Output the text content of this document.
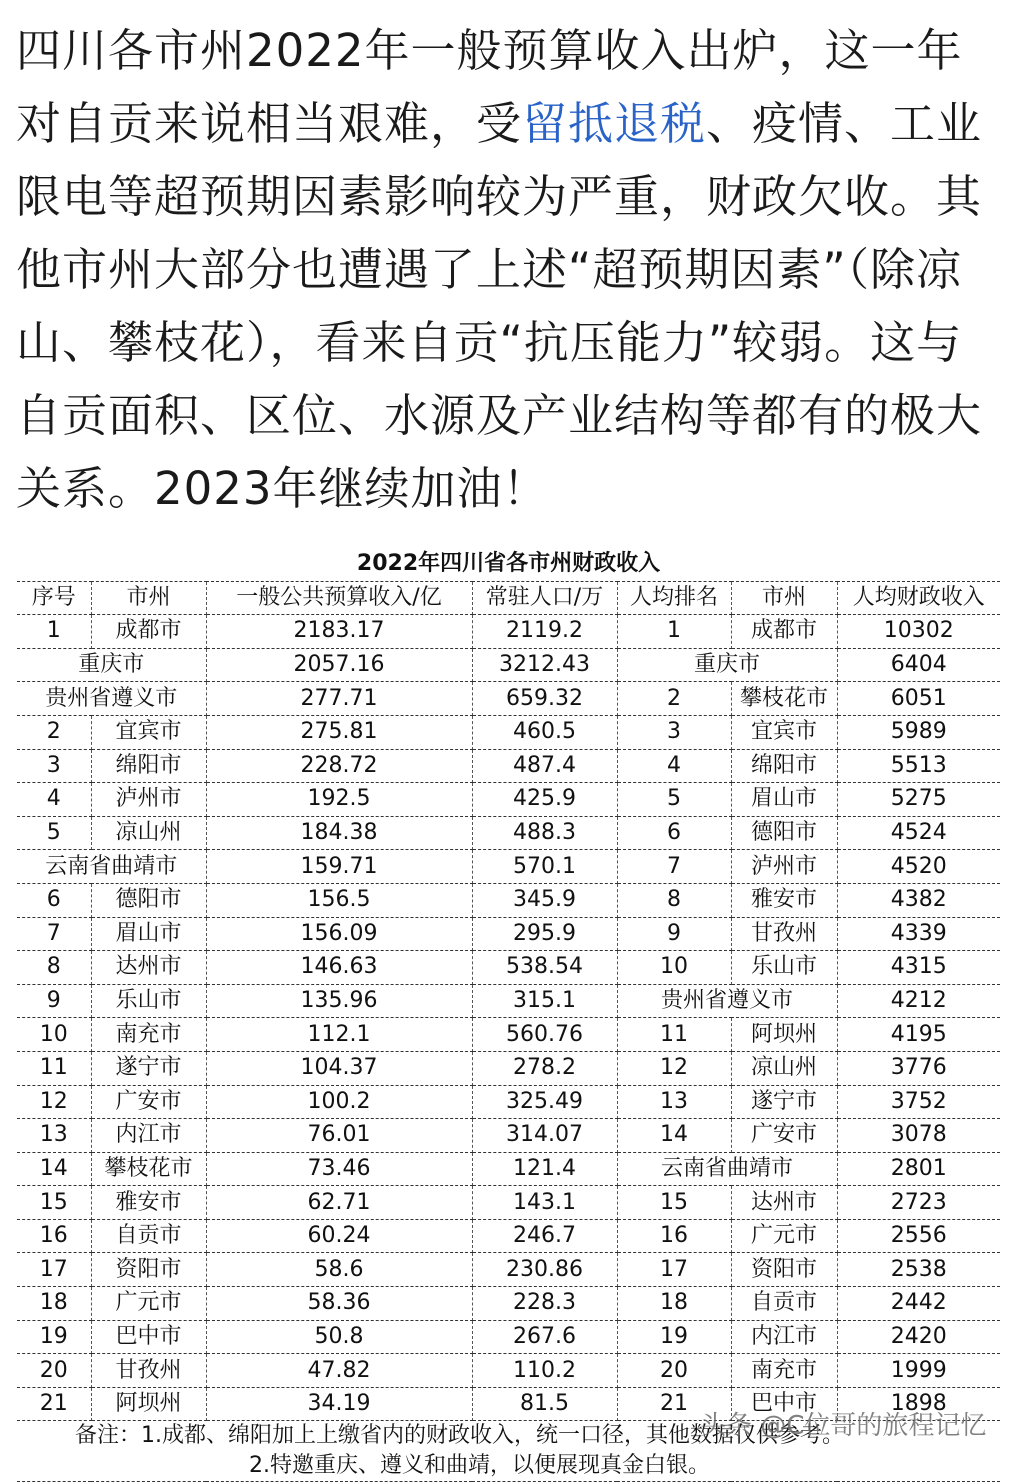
四川各市州2022年一般预算收入出炉，这一年对自贡来说相当艰难，受留抵退税、疫情、工业限电等超预期因素影响较为严重，财政欠收。其他市州大部分也遭遇了上述“超预期因素”（除凉山、攀枝花），看来自贡“抗压能力”较弱。这与自贡面积、区位、水源及产业结构等都有的极大关系。2023年继续加油！
2022年四川省各市州财政收入						
序号	市州	一般公共预算收入/亿	常驻人口/万	人均排名	市州	人均财政收入
1	成都市	2183.17	2119.2	1	成都市	10302
重庆市		2057.16	3212.43	重庆市		6404
贵州省遵义市		277.71	659.32	2	攀枝花市	6051
2	宜宾市	275.81	460.5	3	宜宾市	5989
3	绵阳市	228.72	487.4	4	绵阳市	5513
4	泸州市	192.5	425.9	5	眉山市	5275
5	凉山州	184.38	488.3	6	德阳市	4524
云南省曲靖市		159.71	570.1	7	泸州市	4520
6	德阳市	156.5	345.9	8	雅安市	4382
7	眉山市	156.09	295.9	9	甘孜州	4339
8	达州市	146.63	538.54	10	乐山市	4315
9	乐山市	135.96	315.1	贵州省遵义市		4212
10	南充市	112.1	560.76	11	阿坝州	4195
11	遂宁市	104.37	278.2	12	凉山州	3776
12	广安市	100.2	325.49	13	遂宁市	3752
13	内江市	76.01	314.07	14	广安市	3078
14	攀枝花市	73.46	121.4	云南省曲靖市		2801
15	雅安市	62.71	143.1	15	达州市	2723
16	自贡市	60.24	246.7	16	广元市	2556
17	资阳市	58.6	230.86	17	资阳市	2538
18	广元市	58.36	228.3	18	自贡市	2442
19	巴中市	50.8	267.6	19	内江市	2420
20	甘孜州	47.82	110.2	20	南充市	1999
21	阿坝州	34.19	81.5	21	巴中市	1898

备注：1.成都、绵阳加上上缴省内的财政收入，统一口径，其他数据仅供参考。
2.特邀重庆、遵义和曲靖，以便展现真金白银。						
头条 @C位哥的旅程记忆
